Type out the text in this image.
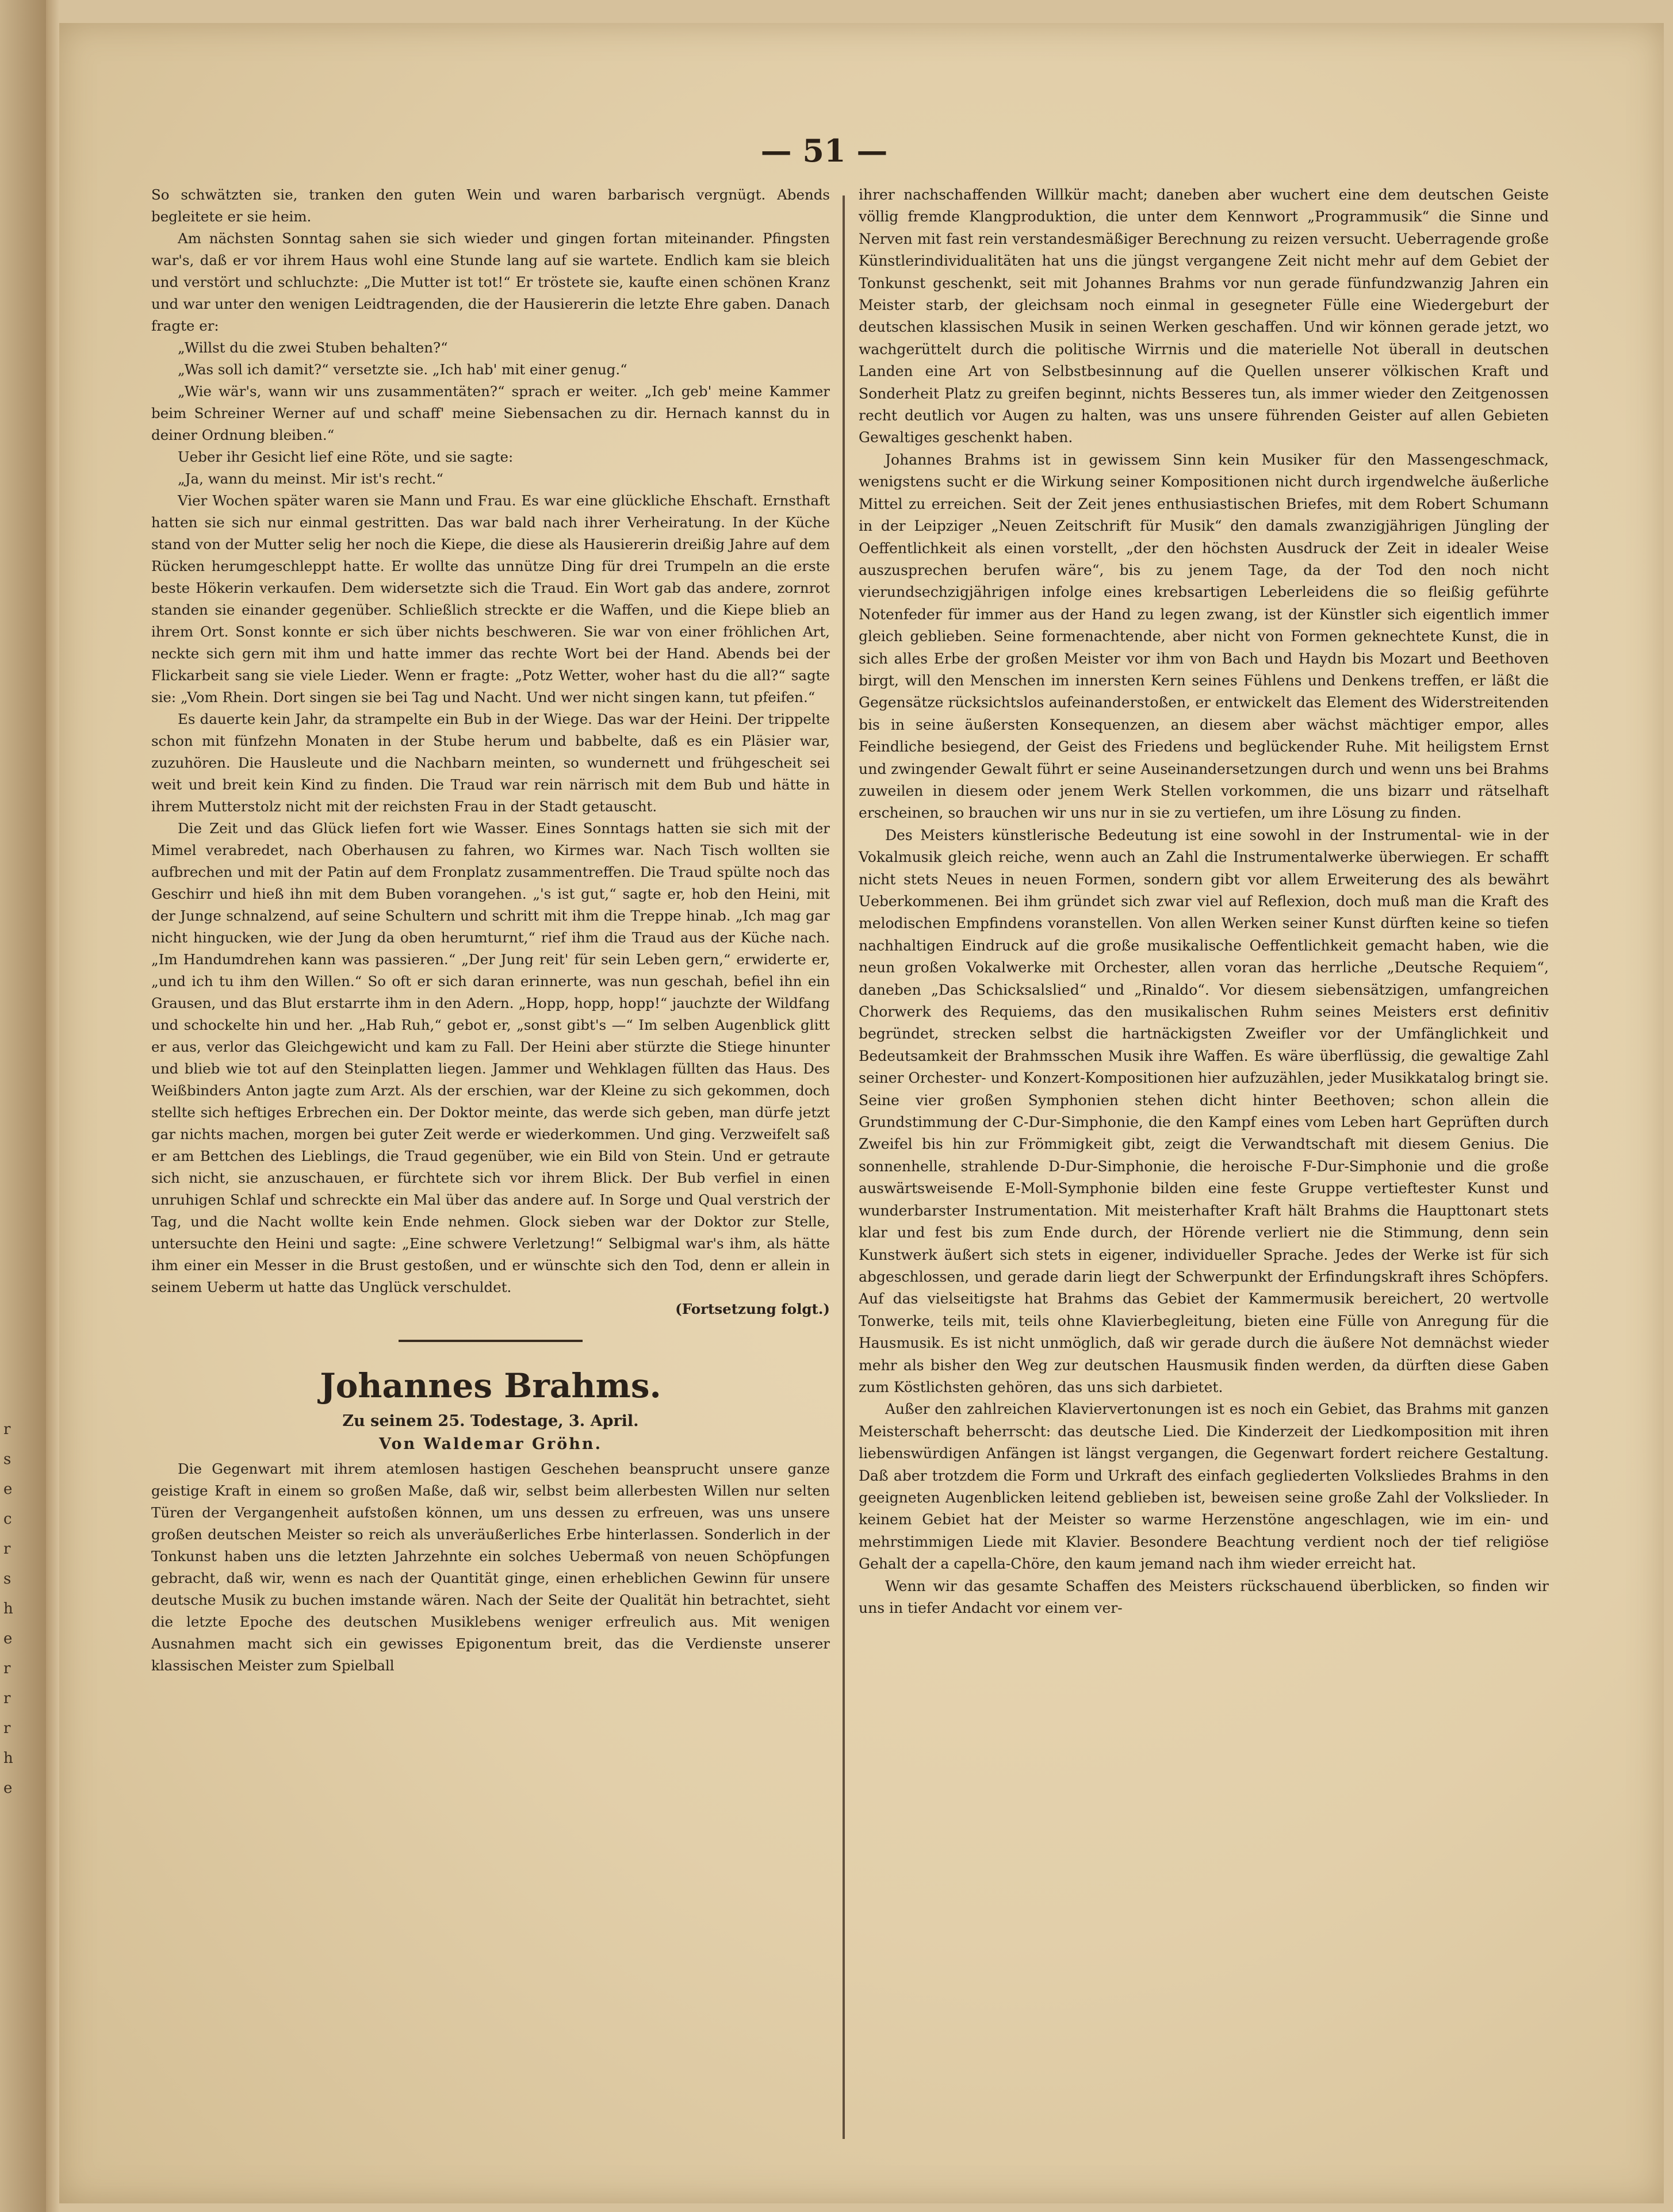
r
s
e
c
r
s
h
e
r
r
r
h
e
— 51 —

So schwätzten sie, tranken den guten Wein und waren barbarisch vergnügt. Abends begleitete er sie heim.

Am nächsten Sonntag sahen sie sich wieder und gingen fortan miteinander. Pfingsten war's, daß er vor ihrem Haus wohl eine Stunde lang auf sie wartete. Endlich kam sie bleich und verstört und schluchzte: „Die Mutter ist tot!“ Er tröstete sie, kaufte einen schönen Kranz und war unter den wenigen Leidtragenden, die der Hausiererin die letzte Ehre gaben. Danach fragte er:

„Willst du die zwei Stuben behalten?“

„Was soll ich damit?“ versetzte sie. „Ich hab' mit einer genug.“

„Wie wär's, wann wir uns zusammentäten?“ sprach er weiter. „Ich geb' meine Kammer beim Schreiner Werner auf und schaff' meine Siebensachen zu dir. Hernach kannst du in deiner Ordnung bleiben.“

Ueber ihr Gesicht lief eine Röte, und sie sagte:

„Ja, wann du meinst. Mir ist's recht.“

Vier Wochen später waren sie Mann und Frau. Es war eine glückliche Ehschaft. Ernsthaft hatten sie sich nur einmal gestritten. Das war bald nach ihrer Verheiratung. In der Küche stand von der Mutter selig her noch die Kiepe, die diese als Hausiererin dreißig Jahre auf dem Rücken herumgeschleppt hatte. Er wollte das unnütze Ding für drei Trumpeln an die erste beste Hökerin verkaufen. Dem widersetzte sich die Traud. Ein Wort gab das andere, zornrot standen sie einander gegenüber. Schließlich streckte er die Waffen, und die Kiepe blieb an ihrem Ort. Sonst konnte er sich über nichts beschweren. Sie war von einer fröhlichen Art, neckte sich gern mit ihm und hatte immer das rechte Wort bei der Hand. Abends bei der Flickarbeit sang sie viele Lieder. Wenn er fragte: „Potz Wetter, woher hast du die all?“ sagte sie: „Vom Rhein. Dort singen sie bei Tag und Nacht. Und wer nicht singen kann, tut pfeifen.“

Es dauerte kein Jahr, da strampelte ein Bub in der Wiege. Das war der Heini. Der trippelte schon mit fünfzehn Monaten in der Stube herum und babbelte, daß es ein Pläsier war, zuzuhören. Die Hausleute und die Nachbarn meinten, so wundernett und frühgescheit sei weit und breit kein Kind zu finden. Die Traud war rein närrisch mit dem Bub und hätte in ihrem Mutterstolz nicht mit der reichsten Frau in der Stadt getauscht.

Die Zeit und das Glück liefen fort wie Wasser. Eines Sonntags hatten sie sich mit der Mimel verabredet, nach Oberhausen zu fahren, wo Kirmes war. Nach Tisch wollten sie aufbrechen und mit der Patin auf dem Fronplatz zusammentreffen. Die Traud spülte noch das Geschirr und hieß ihn mit dem Buben vorangehen. „'s ist gut,“ sagte er, hob den Heini, mit der Junge schnalzend, auf seine Schultern und schritt mit ihm die Treppe hinab. „Ich mag gar nicht hingucken, wie der Jung da oben herumturnt,“ rief ihm die Traud aus der Küche nach. „Im Handumdrehen kann was passieren.“ „Der Jung reit' für sein Leben gern,“ erwiderte er, „und ich tu ihm den Willen.“ So oft er sich daran erinnerte, was nun geschah, befiel ihn ein Grausen, und das Blut erstarrte ihm in den Adern. „Hopp, hopp, hopp!“ jauchzte der Wildfang und schockelte hin und her. „Hab Ruh,“ gebot er, „sonst gibt's —“ Im selben Augenblick glitt er aus, verlor das Gleichgewicht und kam zu Fall. Der Heini aber stürzte die Stiege hinunter und blieb wie tot auf den Steinplatten liegen. Jammer und Wehklagen füllten das Haus. Des Weißbinders Anton jagte zum Arzt. Als der erschien, war der Kleine zu sich gekommen, doch stellte sich heftiges Erbrechen ein. Der Doktor meinte, das werde sich geben, man dürfe jetzt gar nichts machen, morgen bei guter Zeit werde er wiederkommen. Und ging. Verzweifelt saß er am Bettchen des Lieblings, die Traud gegenüber, wie ein Bild von Stein. Und er getraute sich nicht, sie anzuschauen, er fürchtete sich vor ihrem Blick. Der Bub verfiel in einen unruhigen Schlaf und schreckte ein Mal über das andere auf. In Sorge und Qual verstrich der Tag, und die Nacht wollte kein Ende nehmen. Glock sieben war der Doktor zur Stelle, untersuchte den Heini und sagte: „Eine schwere Verletzung!“ Selbigmal war's ihm, als hätte ihm einer ein Messer in die Brust gestoßen, und er wünschte sich den Tod, denn er allein in seinem Ueberm ut hatte das Unglück verschuldet.

(Fortsetzung folgt.)

Johannes Brahms.
Zu seinem 25. Todestage, 3. April.
Von Waldemar Gröhn.

Die Gegenwart mit ihrem atemlosen hastigen Geschehen beansprucht unsere ganze geistige Kraft in einem so großen Maße, daß wir, selbst beim allerbesten Willen nur selten Türen der Vergangenheit aufstoßen können, um uns dessen zu erfreuen, was uns unsere großen deutschen Meister so reich als unveräußerliches Erbe hinterlassen. Sonderlich in der Tonkunst haben uns die letzten Jahrzehnte ein solches Uebermaß von neuen Schöpfungen gebracht, daß wir, wenn es nach der Quantität ginge, einen erheblichen Gewinn für unsere deutsche Musik zu buchen imstande wären. Nach der Seite der Qualität hin betrachtet, sieht die letzte Epoche des deutschen Musiklebens weniger erfreulich aus. Mit wenigen Ausnahmen macht sich ein gewisses Epigonentum breit, das die Verdienste unserer klassischen Meister zum Spielball

ihrer nachschaffenden Willkür macht; daneben aber wuchert eine dem deutschen Geiste völlig fremde Klangproduktion, die unter dem Kennwort „Programmusik“ die Sinne und Nerven mit fast rein verstandesmäßiger Berechnung zu reizen versucht. Ueberragende große Künstlerindividualitäten hat uns die jüngst vergangene Zeit nicht mehr auf dem Gebiet der Tonkunst geschenkt, seit mit Johannes Brahms vor nun gerade fünfundzwanzig Jahren ein Meister starb, der gleichsam noch einmal in gesegneter Fülle eine Wiedergeburt der deutschen klassischen Musik in seinen Werken geschaffen. Und wir können gerade jetzt, wo wachgerüttelt durch die politische Wirrnis und die materielle Not überall in deutschen Landen eine Art von Selbstbesinnung auf die Quellen unserer völkischen Kraft und Sonderheit Platz zu greifen beginnt, nichts Besseres tun, als immer wieder den Zeitgenossen recht deutlich vor Augen zu halten, was uns unsere führenden Geister auf allen Gebieten Gewaltiges geschenkt haben.

Johannes Brahms ist in gewissem Sinn kein Musiker für den Massengeschmack, wenigstens sucht er die Wirkung seiner Kompositionen nicht durch irgendwelche äußerliche Mittel zu erreichen. Seit der Zeit jenes enthusiastischen Briefes, mit dem Robert Schumann in der Leipziger „Neuen Zeitschrift für Musik“ den damals zwanzigjährigen Jüngling der Oeffentlichkeit als einen vorstellt, „der den höchsten Ausdruck der Zeit in idealer Weise auszusprechen berufen wäre“, bis zu jenem Tage, da der Tod den noch nicht vierundsechzigjährigen infolge eines krebsartigen Leberleidens die so fleißig geführte Notenfeder für immer aus der Hand zu legen zwang, ist der Künstler sich eigentlich immer gleich geblieben. Seine formenachtende, aber nicht von Formen geknechtete Kunst, die in sich alles Erbe der großen Meister vor ihm von Bach und Haydn bis Mozart und Beethoven birgt, will den Menschen im innersten Kern seines Fühlens und Denkens treffen, er läßt die Gegensätze rücksichtslos aufeinanderstoßen, er entwickelt das Element des Widerstreitenden bis in seine äußersten Konsequenzen, an diesem aber wächst mächtiger empor, alles Feindliche besiegend, der Geist des Friedens und beglückender Ruhe. Mit heiligstem Ernst und zwingender Gewalt führt er seine Auseinandersetzungen durch und wenn uns bei Brahms zuweilen in diesem oder jenem Werk Stellen vorkommen, die uns bizarr und rätselhaft erscheinen, so brauchen wir uns nur in sie zu vertiefen, um ihre Lösung zu finden.

Des Meisters künstlerische Bedeutung ist eine sowohl in der Instrumental- wie in der Vokalmusik gleich reiche, wenn auch an Zahl die Instrumentalwerke überwiegen. Er schafft nicht stets Neues in neuen Formen, sondern gibt vor allem Erweiterung des als bewährt Ueberkommenen. Bei ihm gründet sich zwar viel auf Reflexion, doch muß man die Kraft des melodischen Empfindens voranstellen. Von allen Werken seiner Kunst dürften keine so tiefen nachhaltigen Eindruck auf die große musikalische Oeffentlichkeit gemacht haben, wie die neun großen Vokalwerke mit Orchester, allen voran das herrliche „Deutsche Requiem“, daneben „Das Schicksalslied“ und „Rinaldo“. Vor diesem siebensätzigen, umfangreichen Chorwerk des Requiems, das den musikalischen Ruhm seines Meisters erst definitiv begründet, strecken selbst die hartnäckigsten Zweifler vor der Umfänglichkeit und Bedeutsamkeit der Brahmsschen Musik ihre Waffen. Es wäre überflüssig, die gewaltige Zahl seiner Orchester- und Konzert-Kompositionen hier aufzuzählen, jeder Musikkatalog bringt sie. Seine vier großen Symphonien stehen dicht hinter Beethoven; schon allein die Grundstimmung der C-Dur-Simphonie, die den Kampf eines vom Leben hart Geprüften durch Zweifel bis hin zur Frömmigkeit gibt, zeigt die Verwandtschaft mit diesem Genius. Die sonnenhelle, strahlende D-Dur-Simphonie, die heroische F-Dur-Simphonie und die große auswärtsweisende E-Moll-Symphonie bilden eine feste Gruppe vertieftester Kunst und wunderbarster Instrumentation. Mit meisterhafter Kraft hält Brahms die Haupttonart stets klar und fest bis zum Ende durch, der Hörende verliert nie die Stimmung, denn sein Kunstwerk äußert sich stets in eigener, individueller Sprache. Jedes der Werke ist für sich abgeschlossen, und gerade darin liegt der Schwerpunkt der Erfindungskraft ihres Schöpfers. Auf das vielseitigste hat Brahms das Gebiet der Kammermusik bereichert, 20 wertvolle Tonwerke, teils mit, teils ohne Klavierbegleitung, bieten eine Fülle von Anregung für die Hausmusik. Es ist nicht unmöglich, daß wir gerade durch die äußere Not demnächst wieder mehr als bisher den Weg zur deutschen Hausmusik finden werden, da dürften diese Gaben zum Köstlichsten gehören, das uns sich darbietet.

Außer den zahlreichen Klaviervertonungen ist es noch ein Gebiet, das Brahms mit ganzen Meisterschaft beherrscht: das deutsche Lied. Die Kinderzeit der Liedkomposition mit ihren liebenswürdigen Anfängen ist längst vergangen, die Gegenwart fordert reichere Gestaltung. Daß aber trotzdem die Form und Urkraft des einfach gegliederten Volksliedes Brahms in den geeigneten Augenblicken leitend geblieben ist, beweisen seine große Zahl der Volkslieder. In keinem Gebiet hat der Meister so warme Herzenstöne angeschlagen, wie im ein- und mehrstimmigen Liede mit Klavier. Besondere Beachtung verdient noch der tief religiöse Gehalt der a capella-Chöre, den kaum jemand nach ihm wieder erreicht hat.

Wenn wir das gesamte Schaffen des Meisters rückschauend überblicken, so finden wir uns in tiefer Andacht vor einem ver-
